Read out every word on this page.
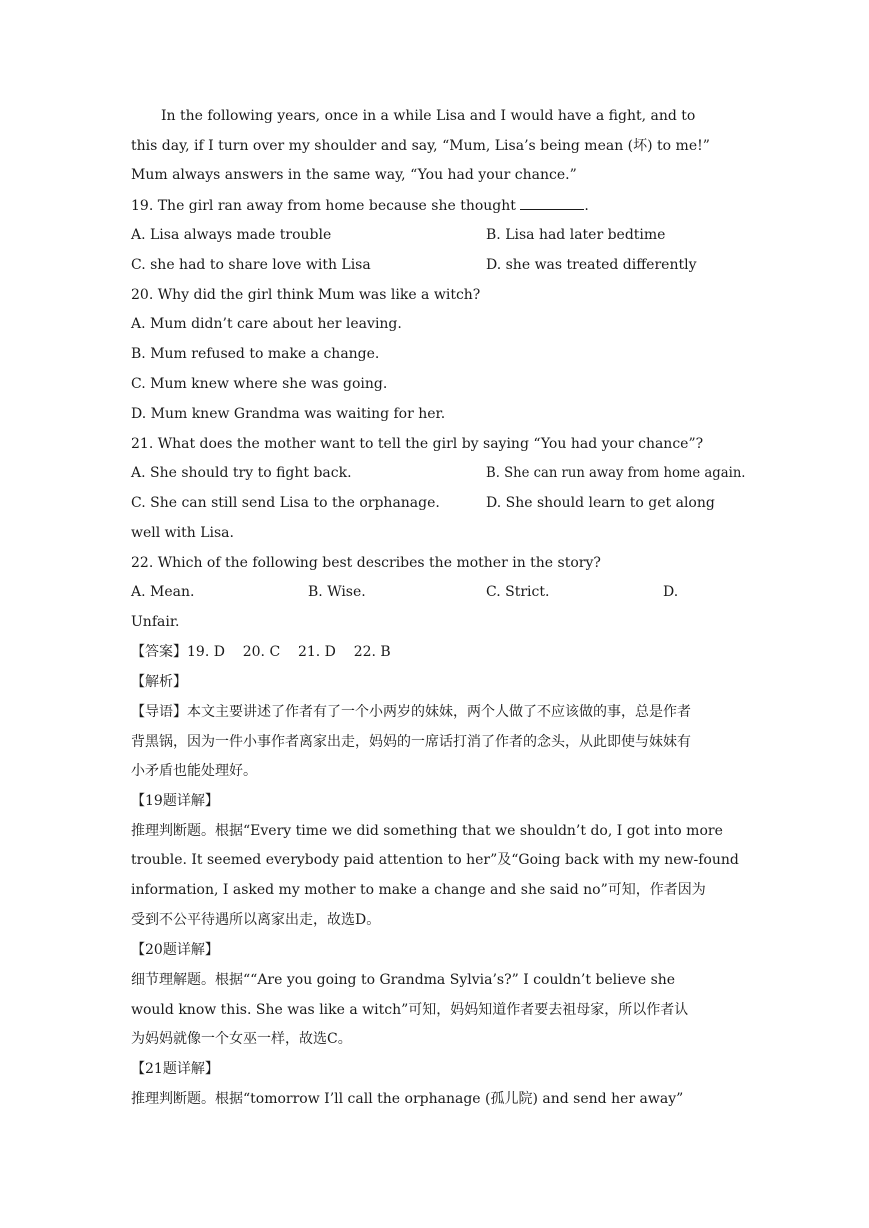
In the following years, once in a while Lisa and I would have a fight, and to
this day, if I turn over my shoulder and say, “Mum, Lisa’s being mean (坏) to me!”
Mum always answers in the same way, “You had your chance.”
19. The girl ran away from home because she thought	.
A. Lisa always made trouble	B. Lisa had later bedtime
C. she had to share love with Lisa	D. she was treated differently
20. Why did the girl think Mum was like a witch?
A. Mum didn’t care about her leaving.
B. Mum refused to make a change.
C. Mum knew where she was going.
D. Mum knew Grandma was waiting for her.
21. What does the mother want to tell the girl by saying “You had your chance”?
A. She should try to fight back.	B. She can run away from home again.
C. She can still send Lisa to the orphanage.	D. She should learn to get along
well with Lisa.
22. Which of the following best describes the mother in the story?
A. Mean.	B. Wise.	C. Strict.	D.
Unfair.
【答案】19. D    20. C    21. D    22. B
【解析】
【导语】本文主要讲述了作者有了一个小两岁的妹妹，两个人做了不应该做的事，总是作者
背黑锅，因为一件小事作者离家出走，妈妈的一席话打消了作者的念头，从此即使与妹妹有
小矛盾也能处理好。
【19题详解】
推理判断题。根据“Every time we did something that we shouldn’t do, I got into more
trouble. It seemed everybody paid attention to her”及“Going back with my new-found
information, I asked my mother to make a change and she said no”可知，作者因为
受到不公平待遇所以离家出走，故选D。
【20题详解】
细节理解题。根据““Are you going to Grandma Sylvia’s?” I couldn’t believe she
would know this. She was like a witch”可知，妈妈知道作者要去祖母家，所以作者认
为妈妈就像一个女巫一样，故选C。
【21题详解】
推理判断题。根据“tomorrow I’ll call the orphanage (孤儿院) and send her away”
